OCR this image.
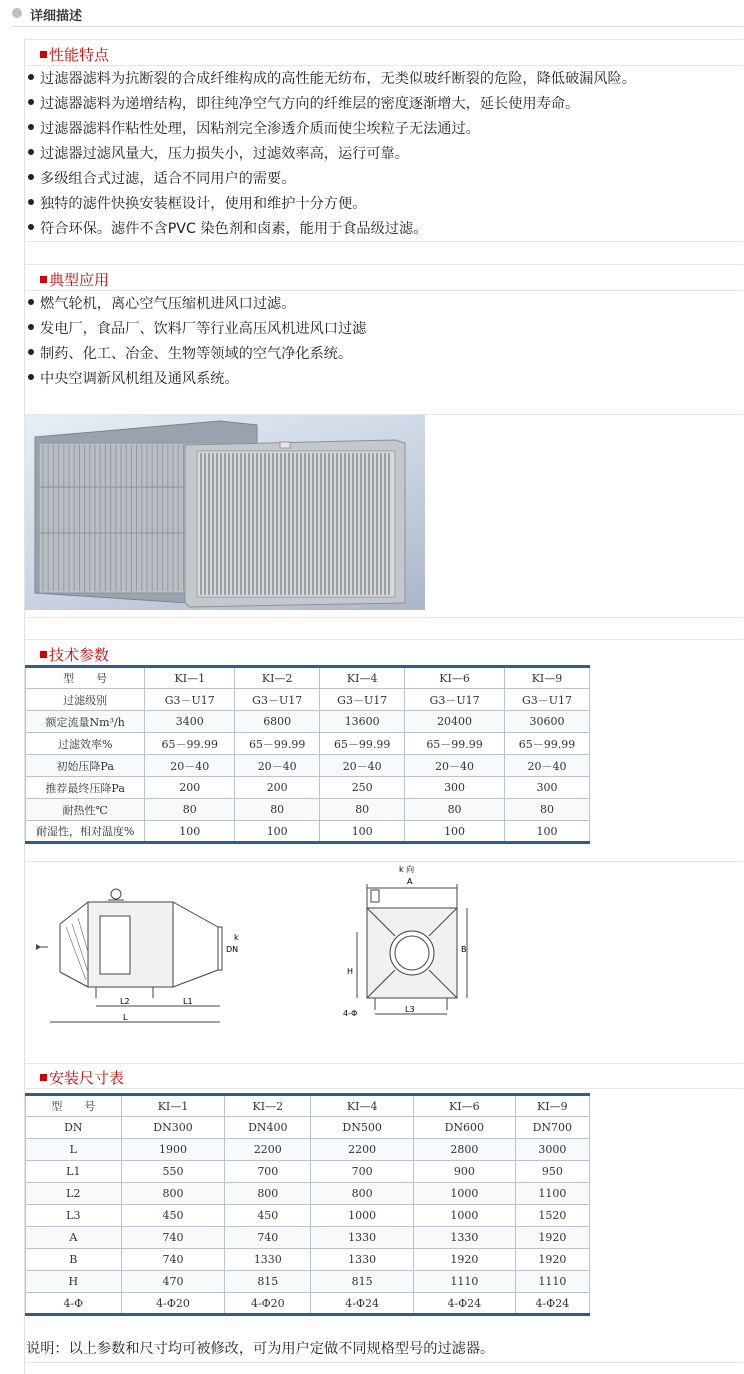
详细描述
性能特点
过滤器滤料为抗断裂的合成纤维构成的高性能无纺布，无类似玻纤断裂的危险，降低破漏风险。
过滤器滤料为递增结构，即往纯净空气方向的纤维层的密度逐渐增大，延长使用寿命。
过滤器滤料作粘性处理，因粘剂完全渗透介质而使尘埃粒子无法通过。
过滤器过滤风量大，压力损失小，过滤效率高，运行可靠。
多级组合式过滤，适合不同用户的需要。
独特的滤件快换安装框设计，使用和维护十分方便。
符合环保。滤件不含PVC 染色剂和卤素，能用于食品级过滤。
典型应用
燃气轮机，离心空气压缩机进风口过滤。
发电厂，食品厂、饮料厂等行业高压风机进风口过滤
制药、化工、冶金、生物等领域的空气净化系统。
中央空调新风机组及通风系统。
技术参数
型　　号	KI—1	KI—2	KI—4	KI—6	KI—9
过滤级别	G3－U17	G3－U17	G3－U17	G3－U17	G3－U17
额定流量Nm³/h	3400	6800	13600	20400	30600
过滤效率%	65－99.99	65－99.99	65－99.99	65－99.99	65－99.99
初始压降Pa	20－40	20－40	20－40	20－40	20－40
推荐最终压降Pa	200	200	250	300	300
耐热性℃	80	80	80	80	80
耐湿性，相对温度%	100	100	100	100	100
DN
k
L2	L1
L
k 向
A
B
H
L3
4-Φ
安装尺寸表
型　　号	KI—1	KI—2	KI—4	KI—6	KI—9
DN	DN300	DN400	DN500	DN600	DN700
L	1900	2200	2200	2800	3000
L1	550	700	700	900	950
L2	800	800	800	1000	1100
L3	450	450	1000	1000	1520
A	740	740	1330	1330	1920
B	740	1330	1330	1920	1920
H	470	815	815	1110	1110
4-Φ	4-Φ20	4-Φ20	4-Φ24	4-Φ24	4-Φ24
说明：以上参数和尺寸均可被修改，可为用户定做不同规格型号的过滤器。
